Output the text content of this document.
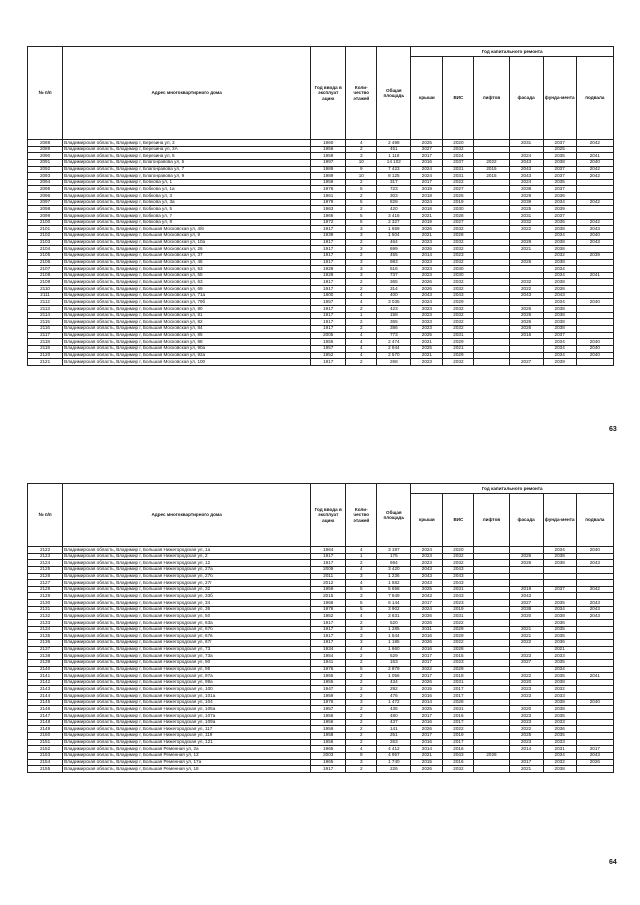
№ п/п	Адрес многоквартирного дома	Год ввода в эксплуат ацию	Коли-чество этажей	Общая площадь	Год капитального ремонта					
					крыши	ВИС	лифтов	фасада	фунда-мента	подвала
2088	Владимирская область, Владимир г, Березина ул, 3	1960	4	2 498	2025	2020		2031	2037	2042
2089	Владимирская область, Владимир г, Березина ул, 3А	1956	2	451	2027	2032			2025	
2090	Владимирская область, Владимир г, Березина ул, 5	1959	3	1 118	2017	2024		2024	2035	2041
2091	Владимирская область, Владимир г, Благонравова ул, 5	1997	10	14 102	2016	2037	2022	2043	2038	2040
2092	Владимирская область, Владимир г, Благонравова ул, 7	1989	9	7 423	2024	2031	2015	2043	2037	2042
2093	Владимирская область, Владимир г, Благонравова ул, 9	1989	10	8 125	2024	2031	2015	2043	2037	2042
2094	Владимирская область, Владимир г, Бобкова ул, 1	1959	2	317	2017	2022		2024	2035	
2095	Владимирская область, Владимир г, Бобкова ул, 1а	1976	5	723	2019	2027		2038	2037	
2096	Владимирская область, Владимир г, Бобкова ул, 3	1961	2	303	2018	2025		2029	2036	
2097	Владимирская область, Владимир г, Бобкова ул, 3а	1979	5	828	2024	2019		2039	2034	2042
2098	Владимирская область, Владимир г, Бобкова ул, 5	1963	2	420	2018	2030		2025	2039	
2099	Владимирская область, Владимир г, Бобкова ул, 7	1966	5	3 416	2021	2028		2031	2037	
2100	Владимирская область, Владимир г, Бобкова ул, 8	1972	5	2 327	2019	2027		2032	2036	2042
2101	Владимирская область, Владимир г, Большая Московская ул, 4/6	1917	3	1 659	2026	2032		2022	2038	2043
2102	Владимирская область, Владимир г, Большая Московская ул, 9	1939	3	1 504	2021	2028			2034	2040
2103	Владимирская область, Владимир г, Большая Московская ул, 10а	1917	2	464	2023	2032		2028	2038	2043
2104	Владимирская область, Владимир г, Большая Московская ул, 26	1917	3	699	2026	2032		2021	2038	
2105	Владимирская область, Владимир г, Большая Московская ул, 37	1917	2	455	2014	2023			2032	2039
2106	Владимирская область, Владимир г, Большая Московская ул, 46	1917	3	983	2023	2032		2026	2038	
2107	Владимирская область, Владимир г, Большая Московская ул, 53	1929	3	516	2023	2030			2034	
2108	Владимирская область, Владимир г, Большая Московская ул, 55	1928	3	737	2023	2030			2034	2041
2109	Владимирская область, Владимир г, Большая Московская ул, 63	1917	2	365	2026	2032		2032	2038	
2110	Владимирская область, Владимир г, Большая Московская ул, 69	1917	2	314	2026	2032		2022	2038	
2111	Владимирская область, Владимир г, Большая Московская ул, 71а	1800	4	400	2043	2043		2043	2043	
2112	Владимирская область, Владимир г, Большая Московская ул, 79б	1957	4	3 035	2024	2029			2034	2040
2113	Владимирская область, Владимир г, Большая Московская ул, 80	1917	2	423	2023	2032		2026	2038	
2114	Владимирская область, Владимир г, Большая Московская ул, 81	1917	1	158	2023	2032		2026	2038	
2115	Владимирская область, Владимир г, Большая Московская ул, 82	1917	2	365	2023	2032		2026	2038	
2116	Владимирская область, Владимир г, Большая Московская ул, 84	1917	2	386	2023	2032		2026	2038	
2117	Владимирская область, Владимир г, Большая Московская ул, 85	2005	4	773	2025	2031		2016	2037	
2118	Владимирская область, Владимир г, Большая Московская ул, 88	1955	4	2 474	2021	2029			2034	2040
2119	Владимирская область, Владимир г, Большая Московская ул, 90а	1957	4	2 944	2025	2021			2034	2040
2120	Владимирская область, Владимир г, Большая Московская ул, 92а	1952	4	2 570	2021	2029			2034	2040
2121	Владимирская область, Владимир г, Большая Московская ул, 100	1917	2	268	2023	2032		2027	2039	
63
№ п/п	Адрес многоквартирного дома	Год ввода в эксплуат ацию	Коли-чество этажей	Общая площадь	Год капитального ремонта					
					крыши	ВИС	лифтов	фасада	фунда-мента	подвала
2122	Владимирская область, Владимир г, Большая Нижегородская ул, 1а	1964	4	3 197	2024	2020			2034	2040
2123	Владимирская область, Владимир г, Большая Нижегородская ул, 2	1917	1	175	2023	2032		2026	2038	
2124	Владимирская область, Владимир г, Большая Нижегородская ул, 12	1917	2	694	2023	2032		2026	2038	2043
2125	Владимирская область, Владимир г, Большая Нижегородская ул, 27а	2009	4	3 420	2043	2043				
2126	Владимирская область, Владимир г, Большая Нижегородская ул, 27б	2011	3	1 236	2043	2043				
2127	Владимирская область, Владимир г, Большая Нижегородская ул, 27г	2012	4	1 582	2043	2043				
2128	Владимирская область, Владимир г, Большая Нижегородская ул, 32	1959	5	5 658	2025	2031		2019	2037	2042
2129	Владимирская область, Владимир г, Большая Нижегородская ул, 33б	2015	3	7 649	2043	2043		2043		
2130	Владимирская область, Владимир г, Большая Нижегородская ул, 34	1966	5	6 144	2017	2023		2027	2035	2043
2131	Владимирская область, Владимир г, Большая Нижегородская ул, 36	1976	5	3 902	2024	2019		2038	2034	2043
2132	Владимирская область, Владимир г, Большая Нижегородская ул, 50	1952	4	2 631	2026	2031		2020	2038	2043
2133	Владимирская область, Владимир г, Большая Нижегородская ул, 63а	1917	2	520	2026	2022			2036	
2134	Владимирская область, Владимир г, Большая Нижегородская ул, 67б	1917	3	1 285	2031	2029		2021	2035	
2135	Владимирская область, Владимир г, Большая Нижегородская ул, 67в	1917	3	1 544	2016	2029		2021	2035	
2136	Владимирская область, Владимир г, Большая Нижегородская ул, 67г	1917	3	1 185	2026	2022		2022	2036	
2137	Владимирская область, Владимир г, Большая Нижегородская ул, 73	1934	4	1 660	2016	2028			2021	
2138	Владимирская область, Владимир г, Большая Нижегородская ул, 73а	1954	2	529	2017	2015		2023	2033	
2139	Владимирская область, Владимир г, Большая Нижегородская ул, 90	1941	2	153	2017	2023		2027	2035	
2140	Владимирская область, Владимир г, Большая Нижегородская ул, 95	1976	5	2 879	2022	2029			2034	
2141	Владимирская область, Владимир г, Большая Нижегородская ул, 97а	1955	2	1 056	2017	2018		2022	2035	2041
2142	Владимирская область, Владимир г, Большая Нижегородская ул, 99а	1955	2	434	2026	2031		2020	2038	
2143	Владимирская область, Владимир г, Большая Нижегородская ул, 100	1947	2	292	2015	2017		2023	2032	
2144	Владимирская область, Владимир г, Большая Нижегородская ул, 101а	1959	2	476	2016	2017		2023	2033	
2145	Владимирская область, Владимир г, Большая Нижегородская ул, 104	1976	3	1 472	2014	2028			2038	2040
2146	Владимирская область, Владимир г, Большая Нижегородская ул, 105а	1957	2	435	2025	2031		2020	2038	
2147	Владимирская область, Владимир г, Большая Нижегородская ул, 107а	1956	2	480	2017	2016		2023	2035	
2148	Владимирская область, Владимир г, Большая Нижегородская ул, 109а	1956	2	437	2016	2017		2023	2033	
2149	Владимирская область, Владимир г, Большая Нижегородская ул, 117	1959	2	141	2026	2022		2022	2036	
2150	Владимирская область, Владимир г, Большая Нижегородская ул, 119	1958	2	251	2017	2019		2025	2035	
2151	Владимирская область, Владимир г, Большая Нижегородская ул, 121	1956	2	263	2016	2017		2023	2033	
2152	Владимирская область, Владимир г, Большая Ременная ул, 2а	1965	4	4 412	2014	2016		2014	2031	2017
2153	Владимирская область, Владимир г, Большая Ременная ул, 13	2003	9	4 957	2021	2043	2028		2034	2043
2154	Владимирская область, Владимир г, Большая Ременная ул, 17а	1965	3	1 740	2015	2016		2017	2032	2026
2155	Владимирская область, Владимир г, Большая Ременная ул, 18	1917	2	226	2026	2032		2021	2038	
64
